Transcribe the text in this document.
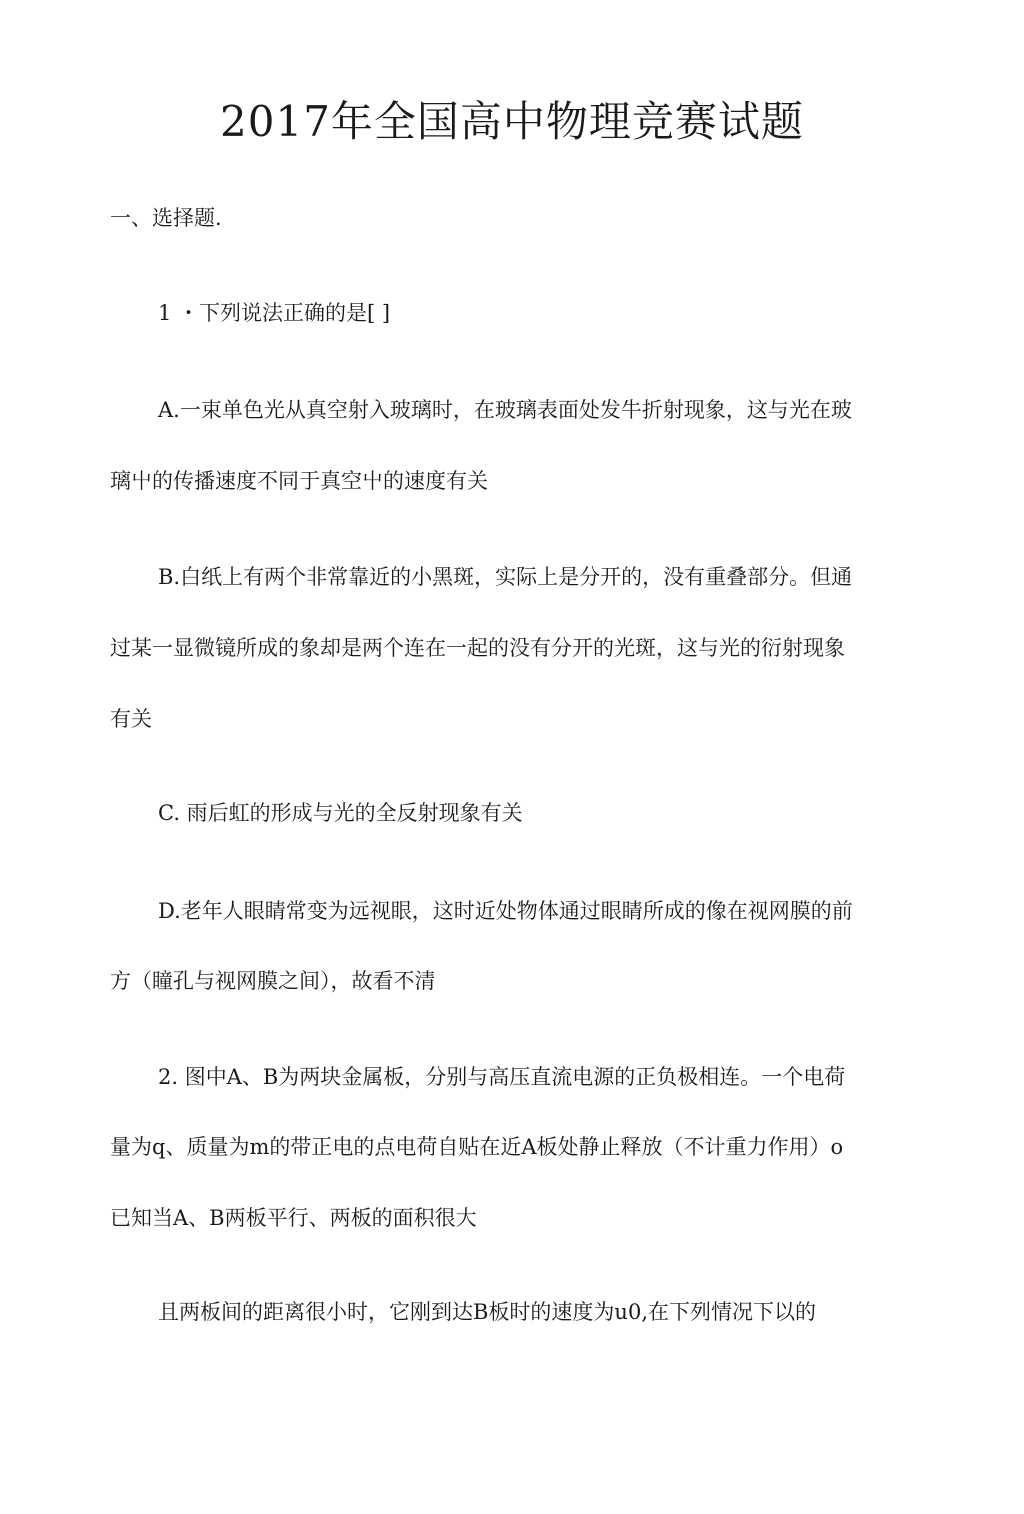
2017年全国高中物理竞赛试题

一、选择题.

1 ・下列说法正确的是[ ]

A.一束单色光从真空射入玻璃时，在玻璃表面处发牛折射现象，这与光在玻

璃屮的传播速度不同于真空屮的速度有关

B.白纸上有两个非常靠近的小黑斑，实际上是分开的，没有重叠部分。但通

过某一显微镜所成的象却是两个连在一起的没有分开的光斑，这与光的衍射现象

有关

C. 雨后虹的形成与光的全反射现象有关

D.老年人眼睛常变为远视眼，这时近处物体通过眼睛所成的像在视网膜的前

方（瞳孔与视网膜之间），故看不清

2. 图中A、B为两块金属板，分别与高压直流电源的正负极相连。一个电荷

量为q、质量为m的带正电的点电荷自贴在近A板处静止释放（不计重力作用）o

已知当A、B两板平行、两板的面积很大

且两板间的距离很小时，它刚到达B板时的速度为u0,在下列情况下以的
